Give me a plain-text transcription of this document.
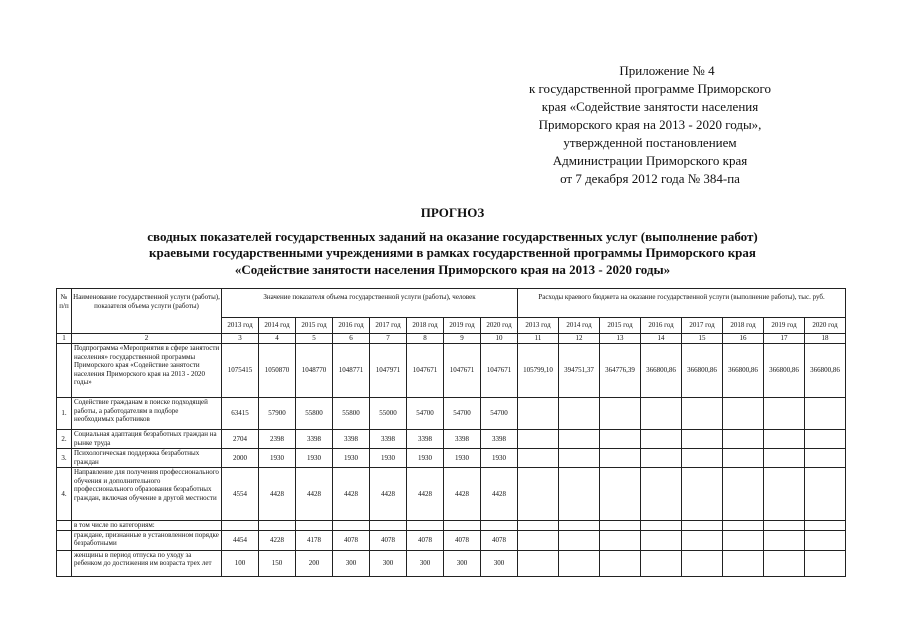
Приложение № 4
к государственной программе Приморского
края «Содействие занятости населения
Приморского края на 2013 - 2020 годы»,
утвержденной постановлением
Администрации Приморского края
от 7 декабря 2012 года № 384-па
ПРОГНОЗ
сводных показателей государственных заданий на оказание государственных услуг (выполнение работ)
краевыми государственными учреждениями в рамках государственной программы Приморского края
«Содействие занятости населения Приморского края на 2013 - 2020 годы»
№ п/п	Наименование государственной услуги (работы), показателя объема услуги (работы)	Значение показателя объема государственной услуги (работы), человек								Расходы краевого бюджета на оказание государственной услуги (выполнение работы), тыс. руб.							
		2013 год	2014 год	2015 год	2016 год	2017 год	2018 год	2019 год	2020 год	2013 год	2014 год	2015 год	2016 год	2017 год	2018 год	2019 год	2020 год
1	2	3	4	5	6	7	8	9	10	11	12	13	14	15	16	17	18
	Подпрограмма «Мероприятия в сфере занятости населения» государственной программы Приморского края «Содействие занятости населения Приморского края на 2013 - 2020 годы»	1075415	1050870	1048770	1048771	1047971	1047671	1047671	1047671	105799,10	394751,37	364776,39	366800,86	366800,86	366800,86	366800,86	366800,86
1.	Содействие гражданам в поиске подходящей работы, а работодателям в подборе необходимых работников	63415	57900	55800	55800	55000	54700	54700	54700								
2.	Социальная адаптация безработных граждан на рынке труда	2704	2398	3398	3398	3398	3398	3398	3398								
3.	Психологическая поддержка безработных граждан	2000	1930	1930	1930	1930	1930	1930	1930								
4.	Направление для получения профессионального обучения и дополнительного профессионального образования безработных граждан, включая обучение в другой местности	4554	4428	4428	4428	4428	4428	4428	4428								
	в том числе по категориям:																
	граждане, признанные в установленном порядке безработными	4454	4228	4178	4078	4078	4078	4078	4078								
	женщины в период отпуска по уходу за ребенком до достижения им возраста трех лет	100	150	200	300	300	300	300	300								
